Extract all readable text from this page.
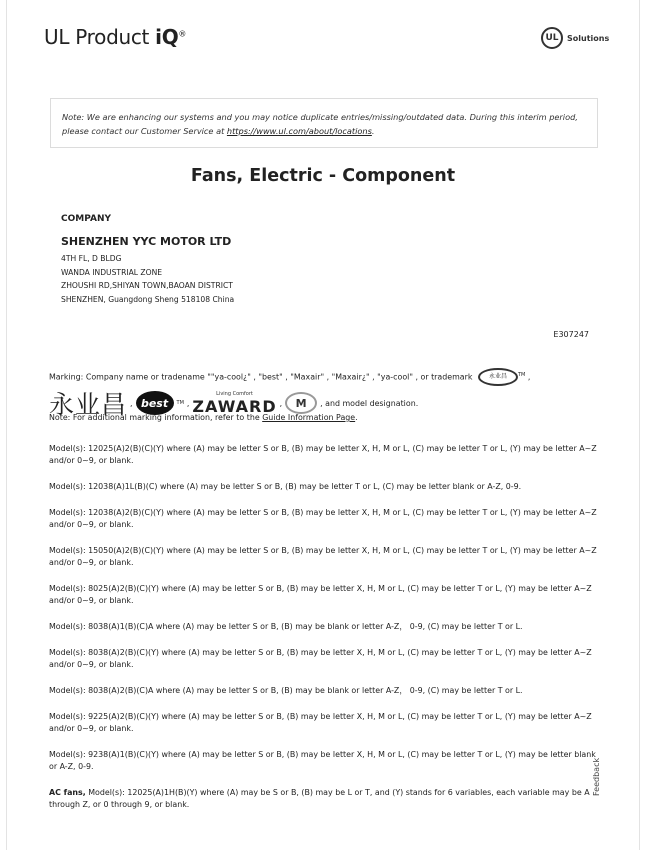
UL Product iQ®	UL Solutions
Note: We are enhancing our systems and you may notice duplicate entries/missing/outdated data. During this interim period, please contact our Customer Service at https://www.ul.com/about/locations.
Fans, Electric - Component
COMPANY
SHENZHEN YYC MOTOR LTD
4TH FL, D BLDG
WANDA INDUSTRIAL ZONE
ZHOUSHI RD,SHIYAN TOWN,BAOAN DISTRICT
SHENZHEN, Guangdong Sheng 518108 China
E307247
Marking: Company name or tradename ""ya-cool¿" , "best" , "Maxair" , "Maxair¿" , "ya-cool" , or trademark	永业昌 ™ ,
永业昌 , best	TM ,
Living Comfort
ZAWARD ,	M	, and model designation.
Note: For additional marking information, refer to the Guide Information Page.
Model(s): 12025(A)2(B)(C)(Y) where (A) may be letter S or B, (B) may be letter X, H, M or L, (C) may be letter T or L, (Y) may be letter A~Z and/or 0~9, or blank.
Model(s): 12038(A)1L(B)(C) where (A) may be letter S or B, (B) may be letter T or L, (C) may be letter blank or A-Z, 0-9.
Model(s): 12038(A)2(B)(C)(Y) where (A) may be letter S or B, (B) may be letter X, H, M or L, (C) may be letter T or L, (Y) may be letter A~Z and/or 0~9, or blank.
Model(s): 15050(A)2(B)(C)(Y) where (A) may be letter S or B, (B) may be letter X, H, M or L, (C) may be letter T or L, (Y) may be letter A~Z and/or 0~9, or blank.
Model(s): 8025(A)2(B)(C)(Y) where (A) may be letter S or B, (B) may be letter X, H, M or L, (C) may be letter T or L, (Y) may be letter A~Z and/or 0~9, or blank.
Model(s): 8038(A)1(B)(C)A where (A) may be letter S or B, (B) may be blank or letter A-Z， 0-9, (C) may be letter T or L.
Model(s): 8038(A)2(B)(C)(Y) where (A) may be letter S or B, (B) may be letter X, H, M or L, (C) may be letter T or L, (Y) may be letter A~Z and/or 0~9, or blank.
Model(s): 8038(A)2(B)(C)A where (A) may be letter S or B, (B) may be blank or letter A-Z， 0-9, (C) may be letter T or L.
Model(s): 9225(A)2(B)(C)(Y) where (A) may be letter S or B, (B) may be letter X, H, M or L, (C) may be letter T or L, (Y) may be letter A~Z and/or 0~9, or blank.
Model(s): 9238(A)1(B)(C)(Y) where (A) may be letter S or B, (B) may be letter X, H, M or L, (C) may be letter T or L, (Y) may be letter blank or A-Z, 0-9.
AC fans, Model(s): 12025(A)1H(B)(Y) where (A) may be S or B, (B) may be L or T, and (Y) stands for 6 variables, each variable may be A through Z, or 0 through 9, or blank.
Feedback
